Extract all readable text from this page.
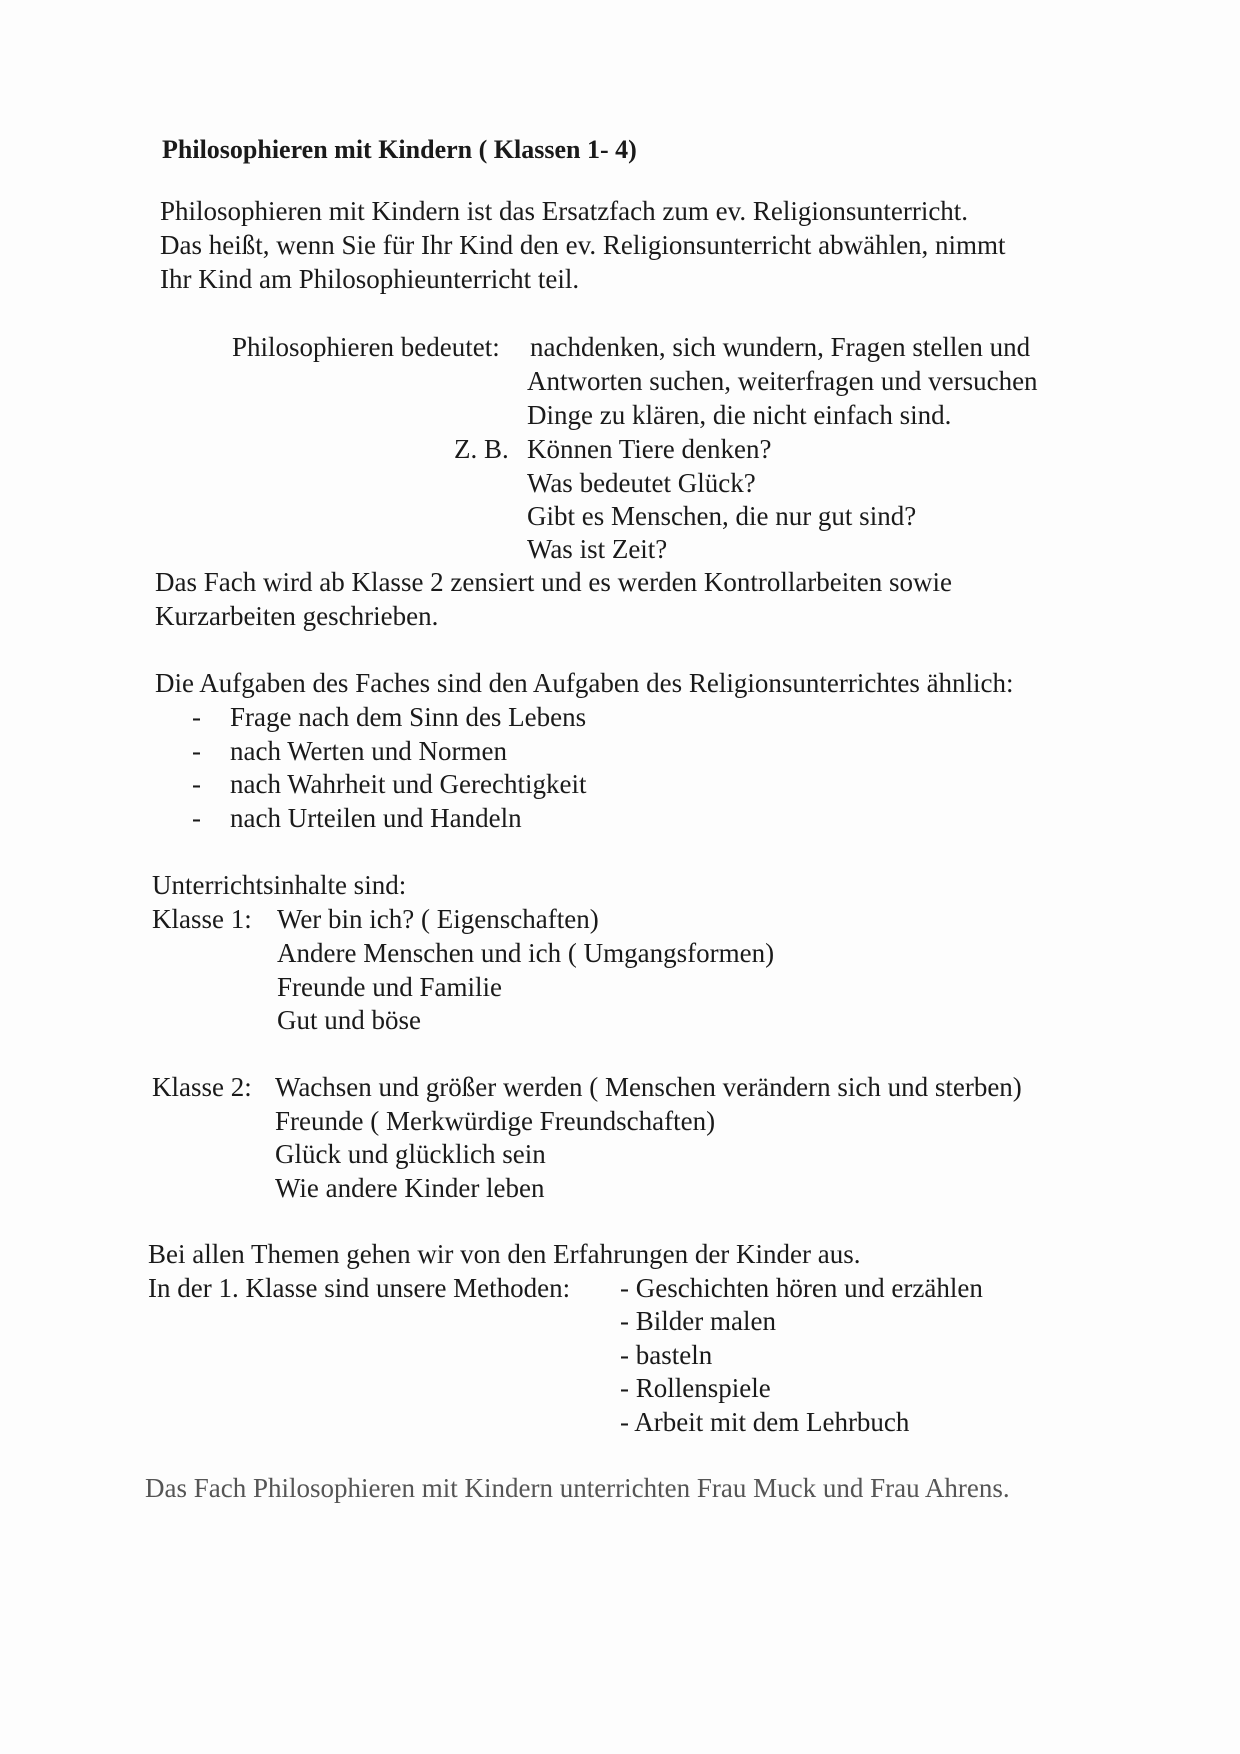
Philosophieren mit Kindern ( Klassen 1- 4)
Philosophieren mit Kindern ist das Ersatzfach zum ev. Religionsunterricht.
Das heißt, wenn Sie für Ihr Kind den ev. Religionsunterricht abwählen, nimmt
Ihr Kind am Philosophieunterricht teil.
Philosophieren bedeutet: nachdenken, sich wundern, Fragen stellen und
Antworten suchen, weiterfragen und versuchen
Dinge zu klären, die nicht einfach sind.
Z. B. Können Tiere denken?
Was bedeutet Glück?
Gibt es Menschen, die nur gut sind?
Was ist Zeit?
Das Fach wird ab Klasse 2 zensiert und es werden Kontrollarbeiten sowie
Kurzarbeiten geschrieben.
Die Aufgaben des Faches sind den Aufgaben des Religionsunterrichtes ähnlich:
- Frage nach dem Sinn des Lebens
- nach Werten und Normen
- nach Wahrheit und Gerechtigkeit
- nach Urteilen und Handeln
Unterrichtsinhalte sind:
Klasse 1: Wer bin ich? ( Eigenschaften)
Andere Menschen und ich ( Umgangsformen)
Freunde und Familie
Gut und böse
Klasse 2: Wachsen und größer werden ( Menschen verändern sich und sterben)
Freunde ( Merkwürdige Freundschaften)
Glück und glücklich sein
Wie andere Kinder leben
Bei allen Themen gehen wir von den Erfahrungen der Kinder aus.
In der 1. Klasse sind unsere Methoden: - Geschichten hören und erzählen
- Bilder malen
- basteln
- Rollenspiele
- Arbeit mit dem Lehrbuch
Das Fach Philosophieren mit Kindern unterrichten Frau Muck und Frau Ahrens.
